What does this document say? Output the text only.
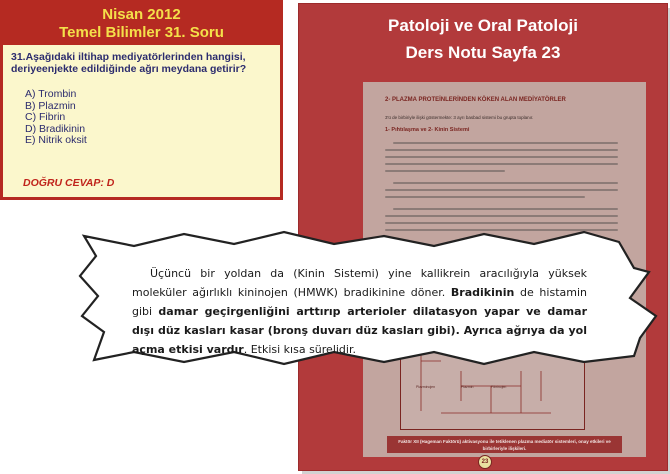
Nisan 2012
Temel Bilimler 31. Soru
31.Aşağıdaki iltihap mediyatörlerinden hangisi, deriyeenjekte edildiğinde ağrı meydana getirir?
A) Trombin
B) Plazmin
C) Fibrin
D) Bradikinin
E) Nitrik oksit
DOĞRU CEVAP: D
Patoloji ve Oral Patoloji
Ders Notu Sayfa 23
2- PLAZMA PROTEİNLERİNDEN KÖKEN ALAN MEDİYATÖRLER
3'ü de birbiriyle ilişki göstermekte: 3 ayrı basbad sistemi bu grupta toplanır.
1- Pıhtılaşma ve 2- Kinin Sistemi
Plazminojen	Plazmin	Fibrinojen
Faktör XII (Hageman Faktörü) aktivasyonu ile tetiklenen plazma mediatör sistemleri, onay etkileri ve birbirleriyle ilişkileri.
23

Üçüncü bir yoldan da (Kinin Sistemi) yine kallikrein aracılığıyla yüksek moleküler ağırlıklı kininojen (HMWK) bradikinine döner. Bradikinin de histamin gibi damar geçirgenliğini arttırıp arterioler dilatasyon yapar ve damar dışı düz kasları kasar (bronş duvarı düz kasları gibi). Ayrıca ağrıya da yol açma etkisi vardır. Etkisi kısa sürelidir.
